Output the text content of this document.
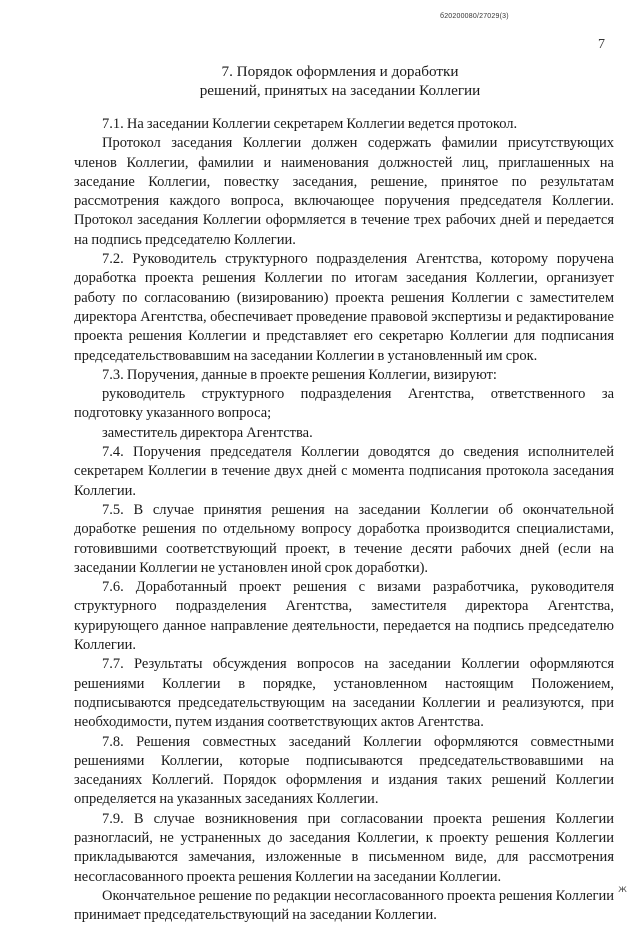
б20200080/27029(3)
7
7. Порядок оформления и доработки
решений, принятых на заседании Коллегии

7.1. На заседании Коллегии секретарем Коллегии ведется протокол.

Протокол заседания Коллегии должен содержать фамилии присутствующих членов Коллегии, фамилии и наименования должностей лиц, приглашенных на заседание Коллегии, повестку заседания, решение, принятое по результатам рассмотрения каждого вопроса, включающее поручения председателя Коллегии. Протокол заседания Коллегии оформляется в течение трех рабочих дней и передается на подпись председателю Коллегии.

7.2. Руководитель структурного подразделения Агентства, которому поручена доработка проекта решения Коллегии по итогам заседания Коллегии, организует работу по согласованию (визированию) проекта решения Коллегии с заместителем директора Агентства, обеспечивает проведение правовой экспертизы и редактирование проекта решения Коллегии и представляет его секретарю Коллегии для подписания председательствовавшим на заседании Коллегии в установленный им срок.

7.3. Поручения, данные в проекте решения Коллегии, визируют:

руководитель структурного подразделения Агентства, ответственного за подготовку указанного вопроса;

заместитель директора Агентства.

7.4. Поручения председателя Коллегии доводятся до сведения исполнителей секретарем Коллегии в течение двух дней с момента подписания протокола заседания Коллегии.

7.5. В случае принятия решения на заседании Коллегии об окончательной доработке решения по отдельному вопросу доработка производится специалистами, готовившими соответствующий проект, в течение десяти рабочих дней (если на заседании Коллегии не установлен иной срок доработки).

7.6. Доработанный проект решения с визами разработчика, руководителя структурного подразделения Агентства, заместителя директора Агентства, курирующего данное направление деятельности, передается на подпись председателю Коллегии.

7.7. Результаты обсуждения вопросов на заседании Коллегии оформляются решениями Коллегии в порядке, установленном настоящим Положением, подписываются председательствующим на заседании Коллегии и реализуются, при необходимости, путем издания соответствующих актов Агентства.

7.8. Решения совместных заседаний Коллегии оформляются совместными решениями Коллегии, которые подписываются председательствовавшими на заседаниях Коллегий. Порядок оформления и издания таких решений Коллегии определяется на указанных заседаниях Коллегии.

7.9. В случае возникновения при согласовании проекта решения Коллегии разногласий, не устраненных до заседания Коллегии, к проекту решения Коллегии прикладываются замечания, изложенные в письменном виде, для рассмотрения несогласованного проекта решения Коллегии на заседании Коллегии.

Окончательное решение по редакции несогласованного проекта решения Коллегии принимает председательствующий на заседании Коллегии.

ж
